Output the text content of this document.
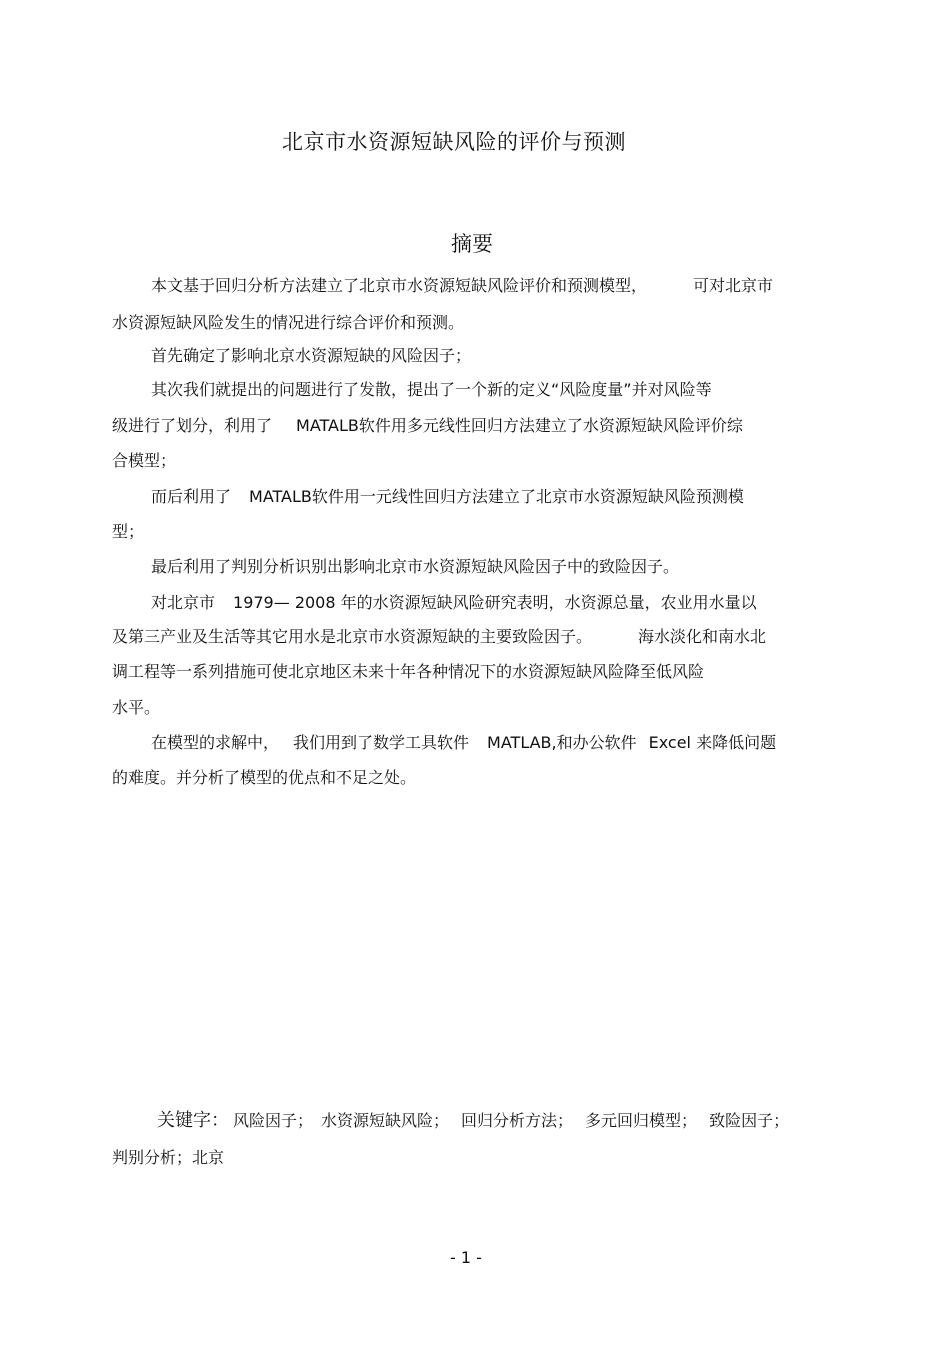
北京市水资源短缺风险的评价与预测
摘要
本文基于回归分析方法建立了北京市水资源短缺风险评价和预测模型，	可对北京市
水资源短缺风险发生的情况进行综合评价和预测。
首先确定了影响北京水资源短缺的风险因子；
其次我们就提出的问题进行了发散，提出了一个新的定义“风险度量”并对风险等
级进行了划分，利用了 MATALB软件用多元线性回归方法建立了水资源短缺风险评价综
合模型；
而后利用了 MATALB软件用一元线性回归方法建立了北京市水资源短缺风险预测模
型；
最后利用了判别分析识别出影响北京市水资源短缺风险因子中的致险因子。
对北京市 1979— 2008 年的水资源短缺风险研究表明，水资源总量，农业用水量以
及第三产业及生活等其它用水是北京市水资源短缺的主要致险因子。	海水淡化和南水北
调工程等一系列措施可使北京地区未来十年各种情况下的水资源短缺风险降至低风险
水平。
在模型的求解中， 我们用到了数学工具软件 MATLAB,和办公软件 Excel 来降低问题
的难度。并分析了模型的优点和不足之处。
关键字： 风险因子； 水资源短缺风险； 回归分析方法； 多元回归模型； 致险因子；
判别分析；北京
- 1 -
